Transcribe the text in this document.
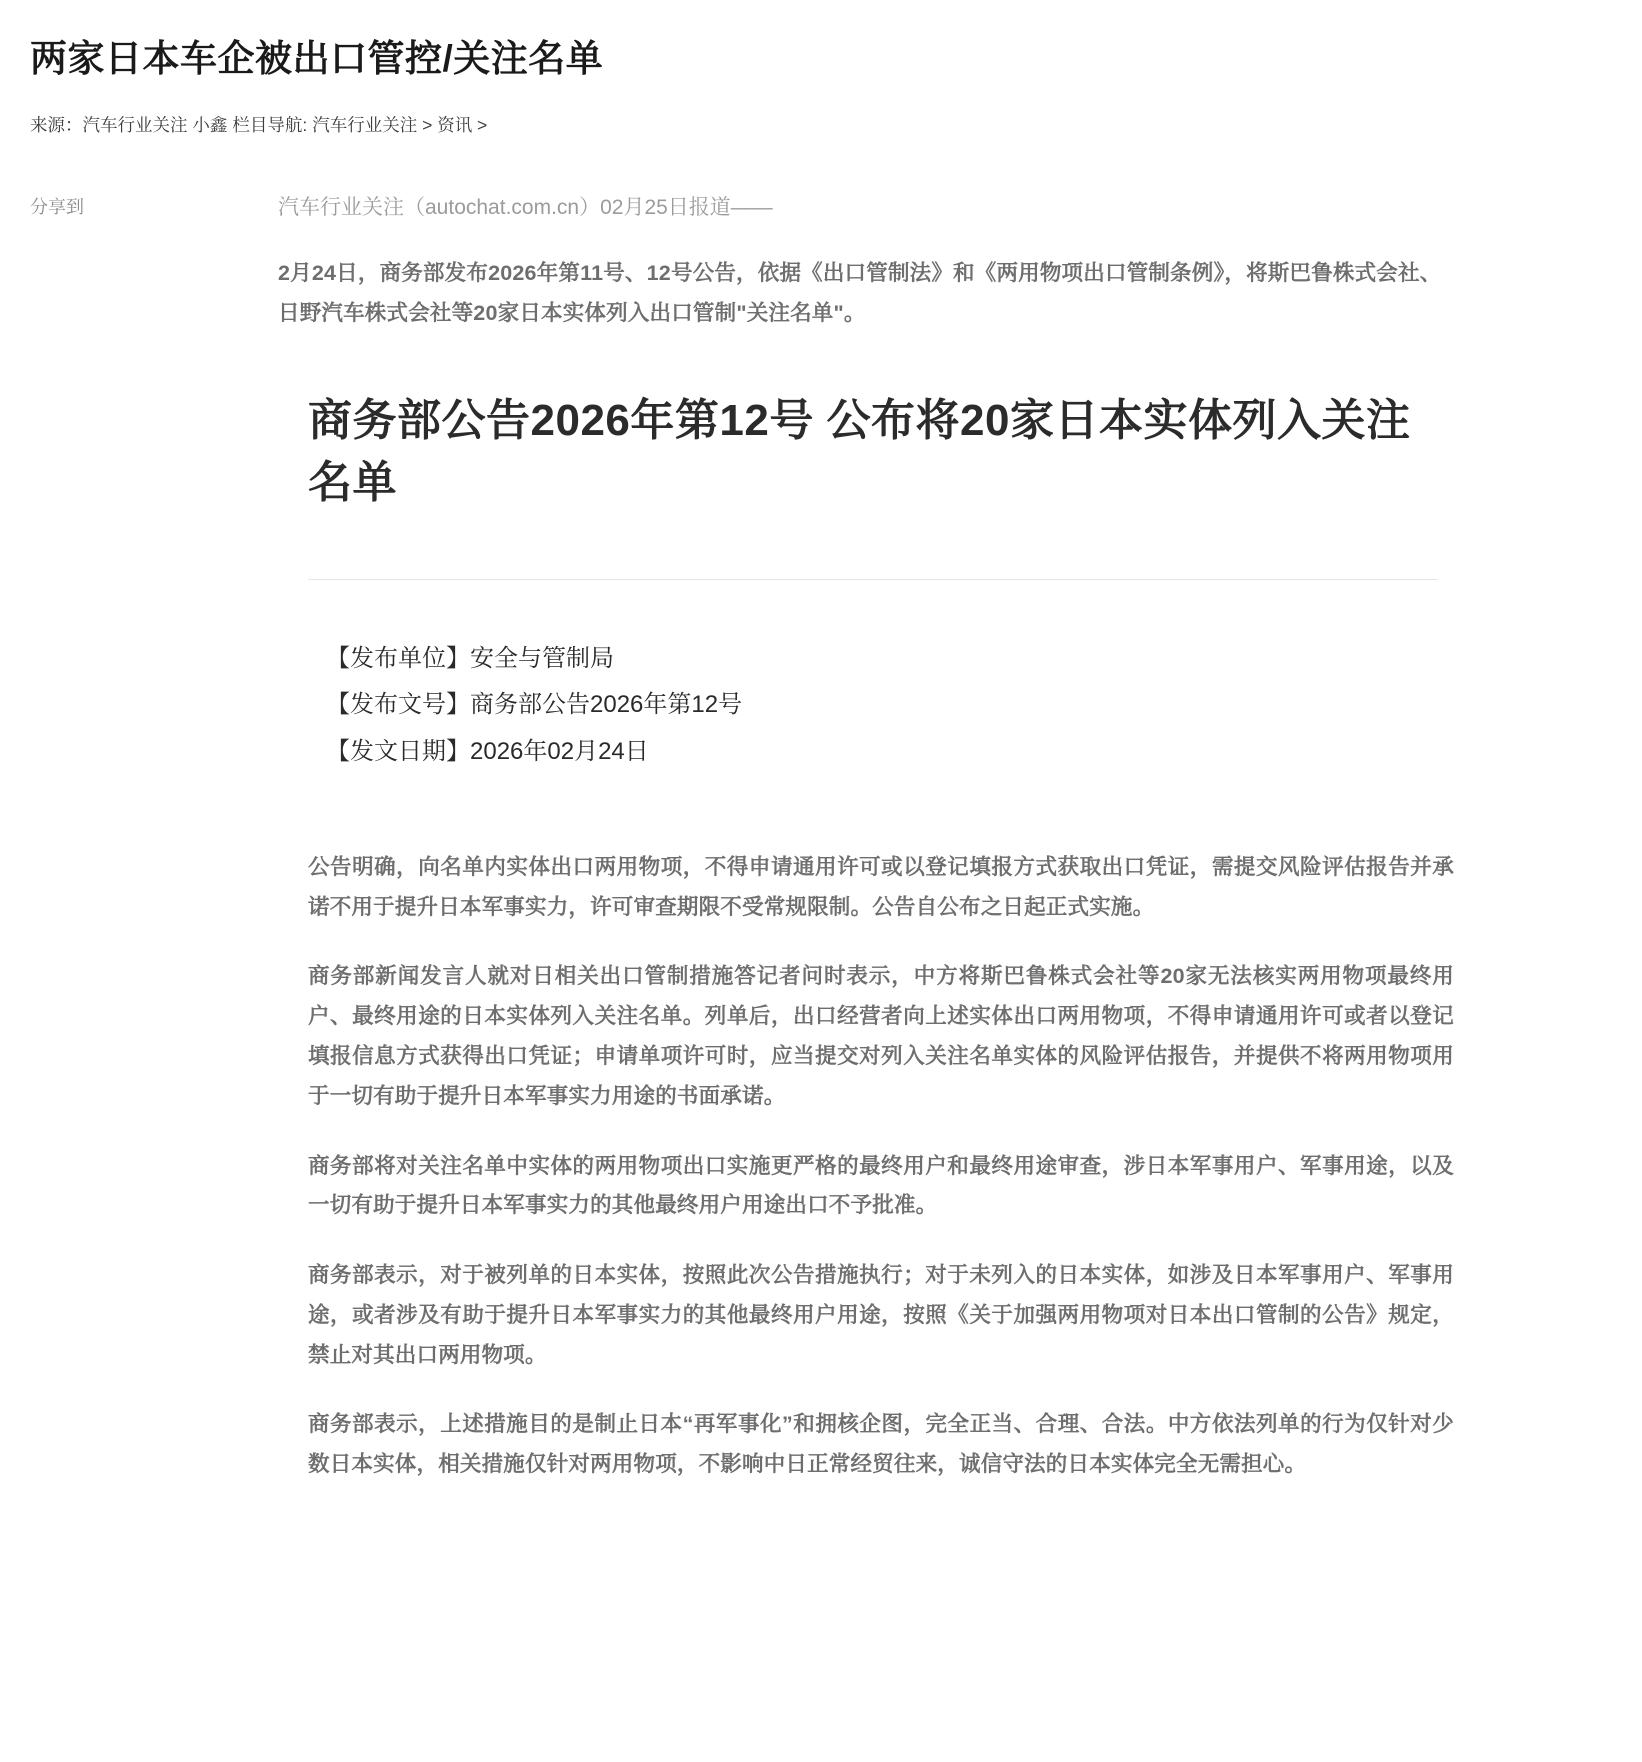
两家日本车企被出口管控/关注名单
来源：汽车行业关注 小鑫 栏目导航: 汽车行业关注 > 资讯 >
分享到	汽车行业关注（autochat.com.cn）02月25日报道——

2月24日，商务部发布2026年第11号、12号公告，依据《出口管制法》和《两用物项出口管制条例》，将斯巴鲁株式会社、日野汽车株式会社等20家日本实体列入出口管制"关注名单"。

商务部公告2026年第12号 公布将20家日本实体列入关注名单
【发布单位】安全与管制局
【发布文号】商务部公告2026年第12号
【发文日期】2026年02月24日

公告明确，向名单内实体出口两用物项，不得申请通用许可或以登记填报方式获取出口凭证，需提交风险评估报告并承诺不用于提升日本军事实力，许可审查期限不受常规限制。公告自公布之日起正式实施。

商务部新闻发言人就对日相关出口管制措施答记者问时表示，中方将斯巴鲁株式会社等20家无法核实两用物项最终用户、最终用途的日本实体列入关注名单。列单后，出口经营者向上述实体出口两用物项，不得申请通用许可或者以登记填报信息方式获得出口凭证；申请单项许可时，应当提交对列入关注名单实体的风险评估报告，并提供不将两用物项用于一切有助于提升日本军事实力用途的书面承诺。

商务部将对关注名单中实体的两用物项出口实施更严格的最终用户和最终用途审查，涉日本军事用户、军事用途，以及一切有助于提升日本军事实力的其他最终用户用途出口不予批准。

商务部表示，对于被列单的日本实体，按照此次公告措施执行；对于未列入的日本实体，如涉及日本军事用户、军事用途，或者涉及有助于提升日本军事实力的其他最终用户用途，按照《关于加强两用物项对日本出口管制的公告》规定，禁止对其出口两用物项。

商务部表示，上述措施目的是制止日本“再军事化”和拥核企图，完全正当、合理、合法。中方依法列单的行为仅针对少数日本实体，相关措施仅针对两用物项，不影响中日正常经贸往来，诚信守法的日本实体完全无需担心。
